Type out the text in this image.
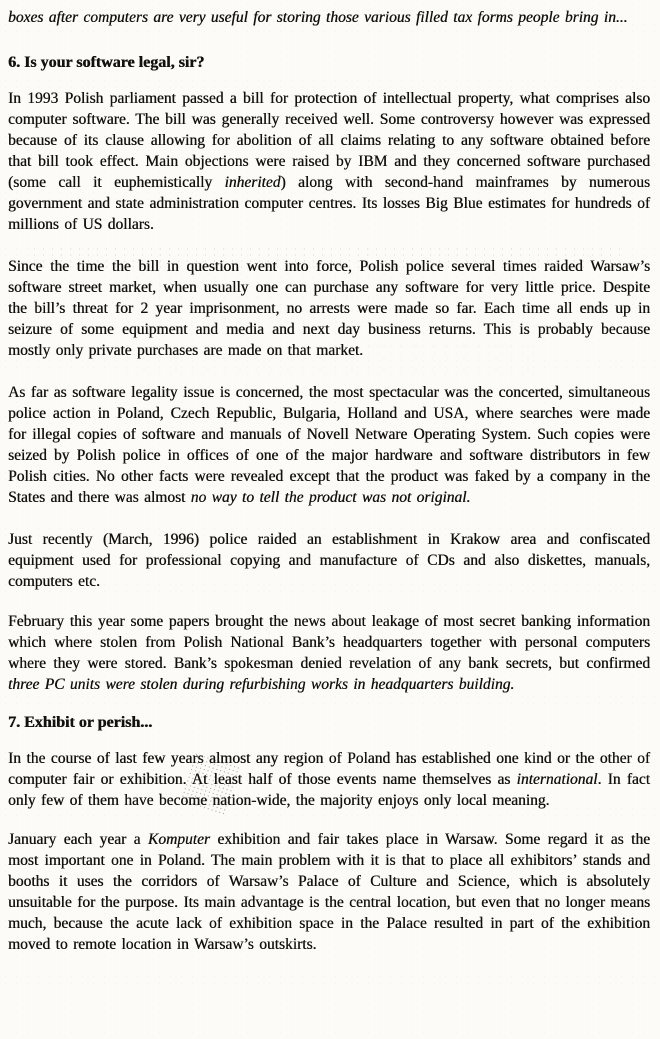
boxes after computers are very useful for storing those various filled tax forms people bring in...

6. Is your software legal, sir?

In 1993 Polish parliament passed a bill for protection of intellectual property, what comprises also computer software. The bill was generally received well. Some controversy however was expressed because of its clause allowing for abolition of all claims relating to any software obtained before that bill took effect. Main objections were raised by IBM and they concerned software purchased (some call it euphemistically inherited) along with second-hand mainframes by numerous government and state administration computer centres. Its losses Big Blue estimates for hundreds of millions of US dollars.

Since the time the bill in question went into force, Polish police several times raided Warsaw’s software street market, when usually one can purchase any software for very little price. Despite the bill’s threat for 2 year imprisonment, no arrests were made so far. Each time all ends up in seizure of some equipment and media and next day business returns. This is probably because mostly only private purchases are made on that market.

As far as software legality issue is concerned, the most spectacular was the concerted, simultaneous police action in Poland, Czech Republic, Bulgaria, Holland and USA, where searches were made for illegal copies of software and manuals of Novell Netware Operating System. Such copies were seized by Polish police in offices of one of the major hardware and software distributors in few Polish cities. No other facts were revealed except that the product was faked by a company in the States and there was almost no way to tell the product was not original.

Just recently (March, 1996) police raided an establishment in Krakow area and confiscated equipment used for professional copying and manufacture of CDs and also diskettes, manuals, computers etc.

February this year some papers brought the news about leakage of most secret banking information which where stolen from Polish National Bank’s headquarters together with personal computers where they were stored. Bank’s spokesman denied revelation of any bank secrets, but confirmed three PC units were stolen during refurbishing works in headquarters building.

7. Exhibit or perish...

In the course of last few years almost any region of Poland has established one kind or the other of computer fair or exhibition. At least half of those events name themselves as international. In fact only few of them have become nation-wide, the majority enjoys only local meaning.

January each year a Komputer exhibition and fair takes place in Warsaw. Some regard it as the most important one in Poland. The main problem with it is that to place all exhibitors’ stands and booths it uses the corridors of Warsaw’s Palace of Culture and Science, which is absolutely unsuitable for the purpose. Its main advantage is the central location, but even that no longer means much, because the acute lack of exhibition space in the Palace resulted in part of the exhibition moved to remote location in Warsaw’s outskirts.
